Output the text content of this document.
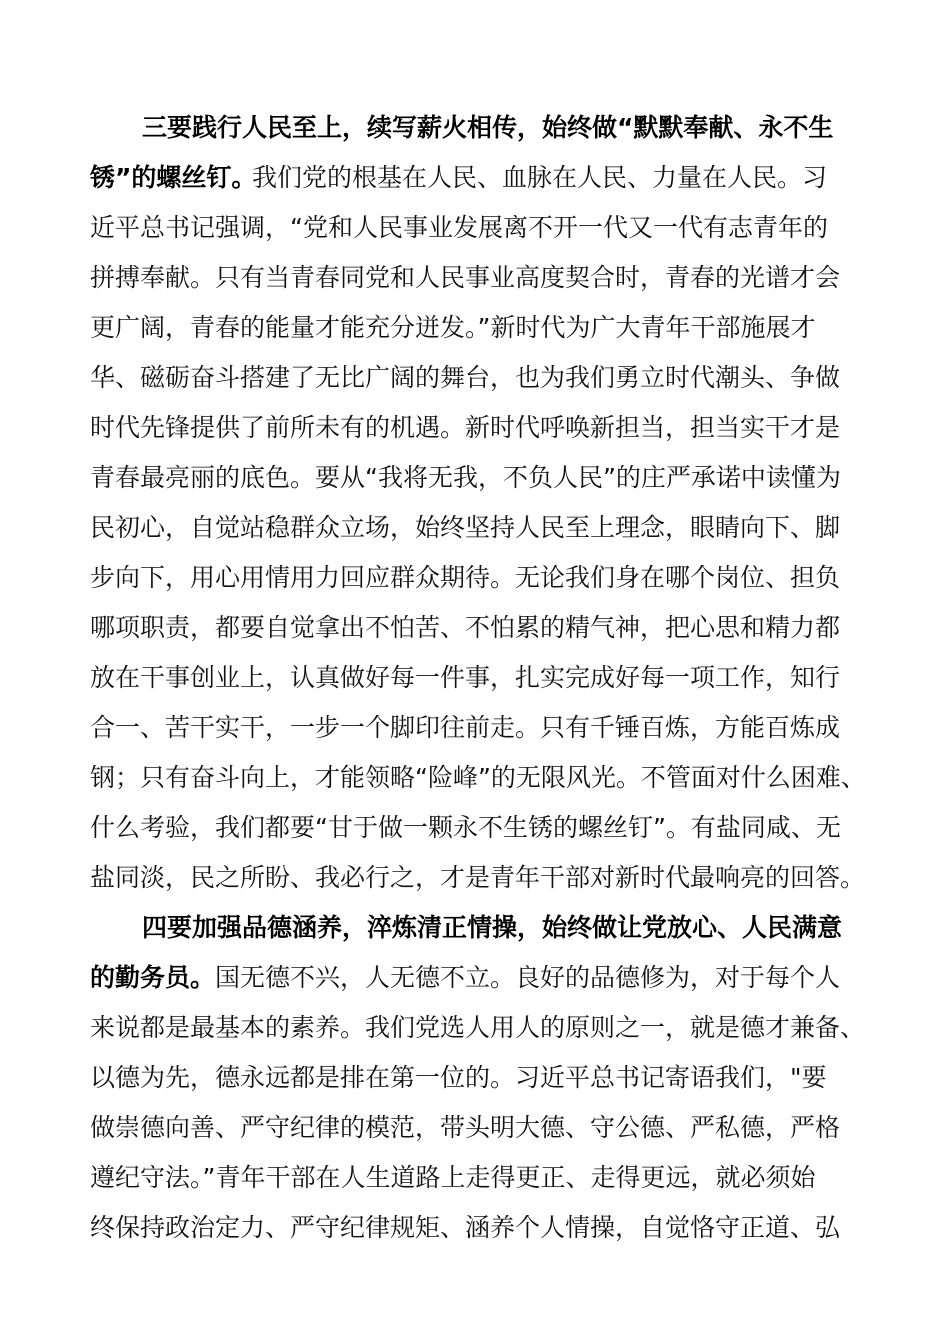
三要践行人民至上，续写薪火相传，始终做“默默奉献、永不生
锈”的螺丝钉。
我们党的根基在人民、血脉在人民、力量在人民。习
近平总书记强调，“党和人民事业发展离不开一代又一代有志青年的
拼搏奉献。只有当青春同党和人民事业高度契合时，青春的光谱才会
更广阔，青春的能量才能充分迸发。”新时代为广大青年干部施展才
华、磁砺奋斗搭建了无比广阔的舞台，也为我们勇立时代潮头、争做
时代先锋提供了前所未有的机遇。新时代呼唤新担当，担当实干才是
青春最亮丽的底色。要从“我将无我，不负人民”的庄严承诺中读懂为
民初心，自觉站稳群众立场，始终坚持人民至上理念，眼睛向下、脚
步向下，用心用情用力回应群众期待。无论我们身在哪个岗位、担负
哪项职责，都要自觉拿出不怕苦、不怕累的精气神，把心思和精力都
放在干事创业上，认真做好每一件事，扎实完成好每一项工作，知行
合一、苦干实干，一步一个脚印往前走。只有千锤百炼，方能百炼成
钢；只有奋斗向上，才能领略“险峰”的无限风光。不管面对什么困难、
什么考验，我们都要“甘于做一颗永不生锈的螺丝钉”。有盐同咸、无
盐同淡，民之所盼、我必行之，才是青年干部对新时代最响亮的回答。
四要加强品德涵养，淬炼清正情操，始终做让党放心、人民满意
的勤务员。 国无德不兴，人无德不立。良好的品德修为，对于每个人
来说都是最基本的素养。我们党选人用人的原则之一，就是德才兼备、
以德为先，德永远都是排在第一位的。习近平总书记寄语我们，"要
做崇德向善、严守纪律的模范，带头明大德、守公德、严私德，严格
遵纪守法。”青年干部在人生道路上走得更正、走得更远，就必须始
终保持政治定力、严守纪律规矩、涵养个人情操，自觉恪守正道、弘
